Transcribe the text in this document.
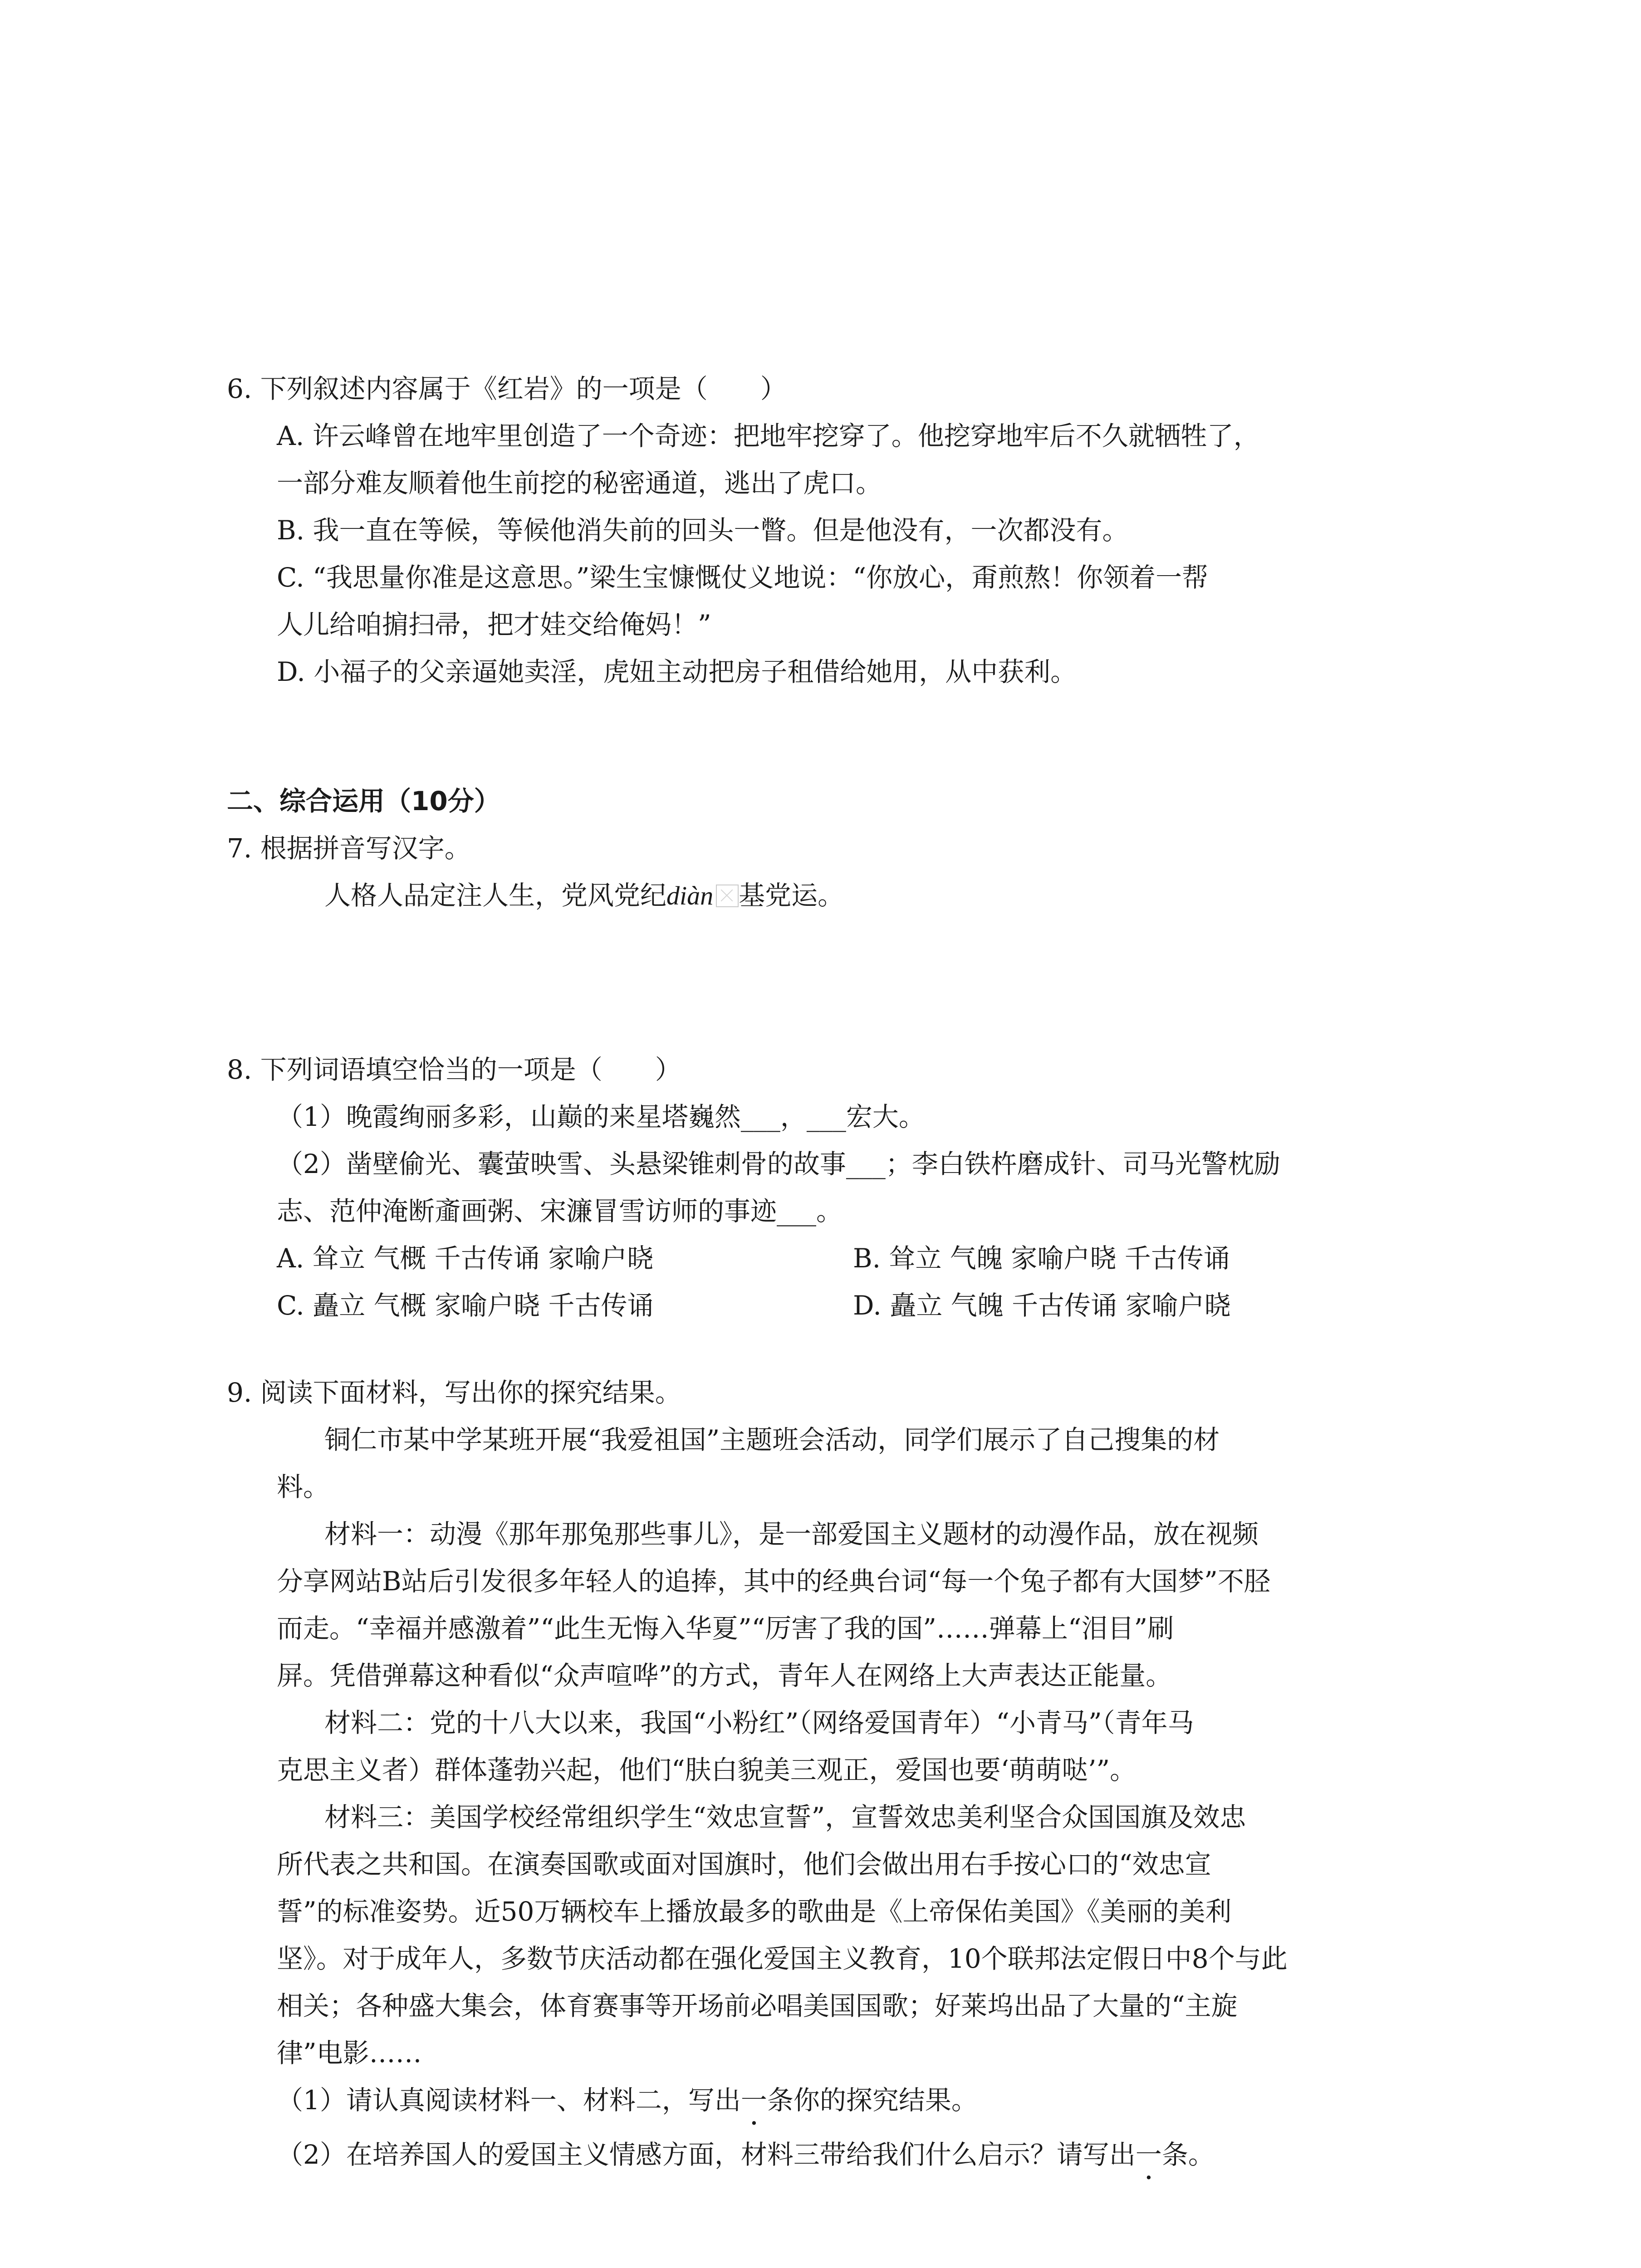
6. 下列叙述内容属于《红岩》的一项是（　　）
A. 许云峰曾在地牢里创造了一个奇迹：把地牢挖穿了。他挖穿地牢后不久就牺牲了，
一部分难友顺着他生前挖的秘密通道，逃出了虎口。
B. 我一直在等候，等候他消失前的回头一瞥。但是他没有，一次都没有。
C. “我思量你准是这意思。”梁生宝慷慨仗义地说：“你放心，甭煎熬！你领着一帮
人儿给咱掮扫帚，把才娃交给俺妈！”
D. 小福子的父亲逼她卖淫，虎妞主动把房子租借给她用，从中获利。
二、综合运用（10分）
7. 根据拼音写汉字。
人格人品定注人生，党风党纪diàn 基党运。
8. 下列词语填空恰当的一项是（　　）
（1）晚霞绚丽多彩，山巅的来星塔巍然___，___宏大。
（2）凿壁偷光、囊萤映雪、头悬梁锥刺骨的故事___；李白铁杵磨成针、司马光警枕励
志、范仲淹断齑画粥、宋濂冒雪访师的事迹___。
A. 耸立 气概 千古传诵 家喻户晓	B. 耸立 气魄 家喻户晓 千古传诵
C. 矗立 气概 家喻户晓 千古传诵	D. 矗立 气魄 千古传诵 家喻户晓
9. 阅读下面材料，写出你的探究结果。
铜仁市某中学某班开展“我爱祖国”主题班会活动，同学们展示了自己搜集的材
料。
材料一：动漫《那年那兔那些事儿》，是一部爱国主义题材的动漫作品，放在视频
分享网站B站后引发很多年轻人的追捧，其中的经典台词“每一个兔子都有大国梦”不胫
而走。“幸福并感激着”“此生无悔入华夏”“厉害了我的国”……弹幕上“泪目”刷
屏。凭借弹幕这种看似“众声喧哗”的方式，青年人在网络上大声表达正能量。
材料二：党的十八大以来，我国“小粉红”（网络爱国青年）“小青马”（青年马
克思主义者）群体蓬勃兴起，他们“肤白貌美三观正，爱国也要‘萌萌哒’”。
材料三：美国学校经常组织学生“效忠宣誓”，宣誓效忠美利坚合众国国旗及效忠
所代表之共和国。在演奏国歌或面对国旗时，他们会做出用右手按心口的“效忠宣
誓”的标准姿势。近50万辆校车上播放最多的歌曲是《上帝保佑美国》《美丽的美利
坚》。对于成年人，多数节庆活动都在强化爱国主义教育，10个联邦法定假日中8个与此
相关；各种盛大集会，体育赛事等开场前必唱美国国歌；好莱坞出品了大量的“主旋
律”电影……
（1）请认真阅读材料一、材料二，写出一条你的探究结果。
（2）在培养国人的爱国主义情感方面，材料三带给我们什么启示？请写出一条。
